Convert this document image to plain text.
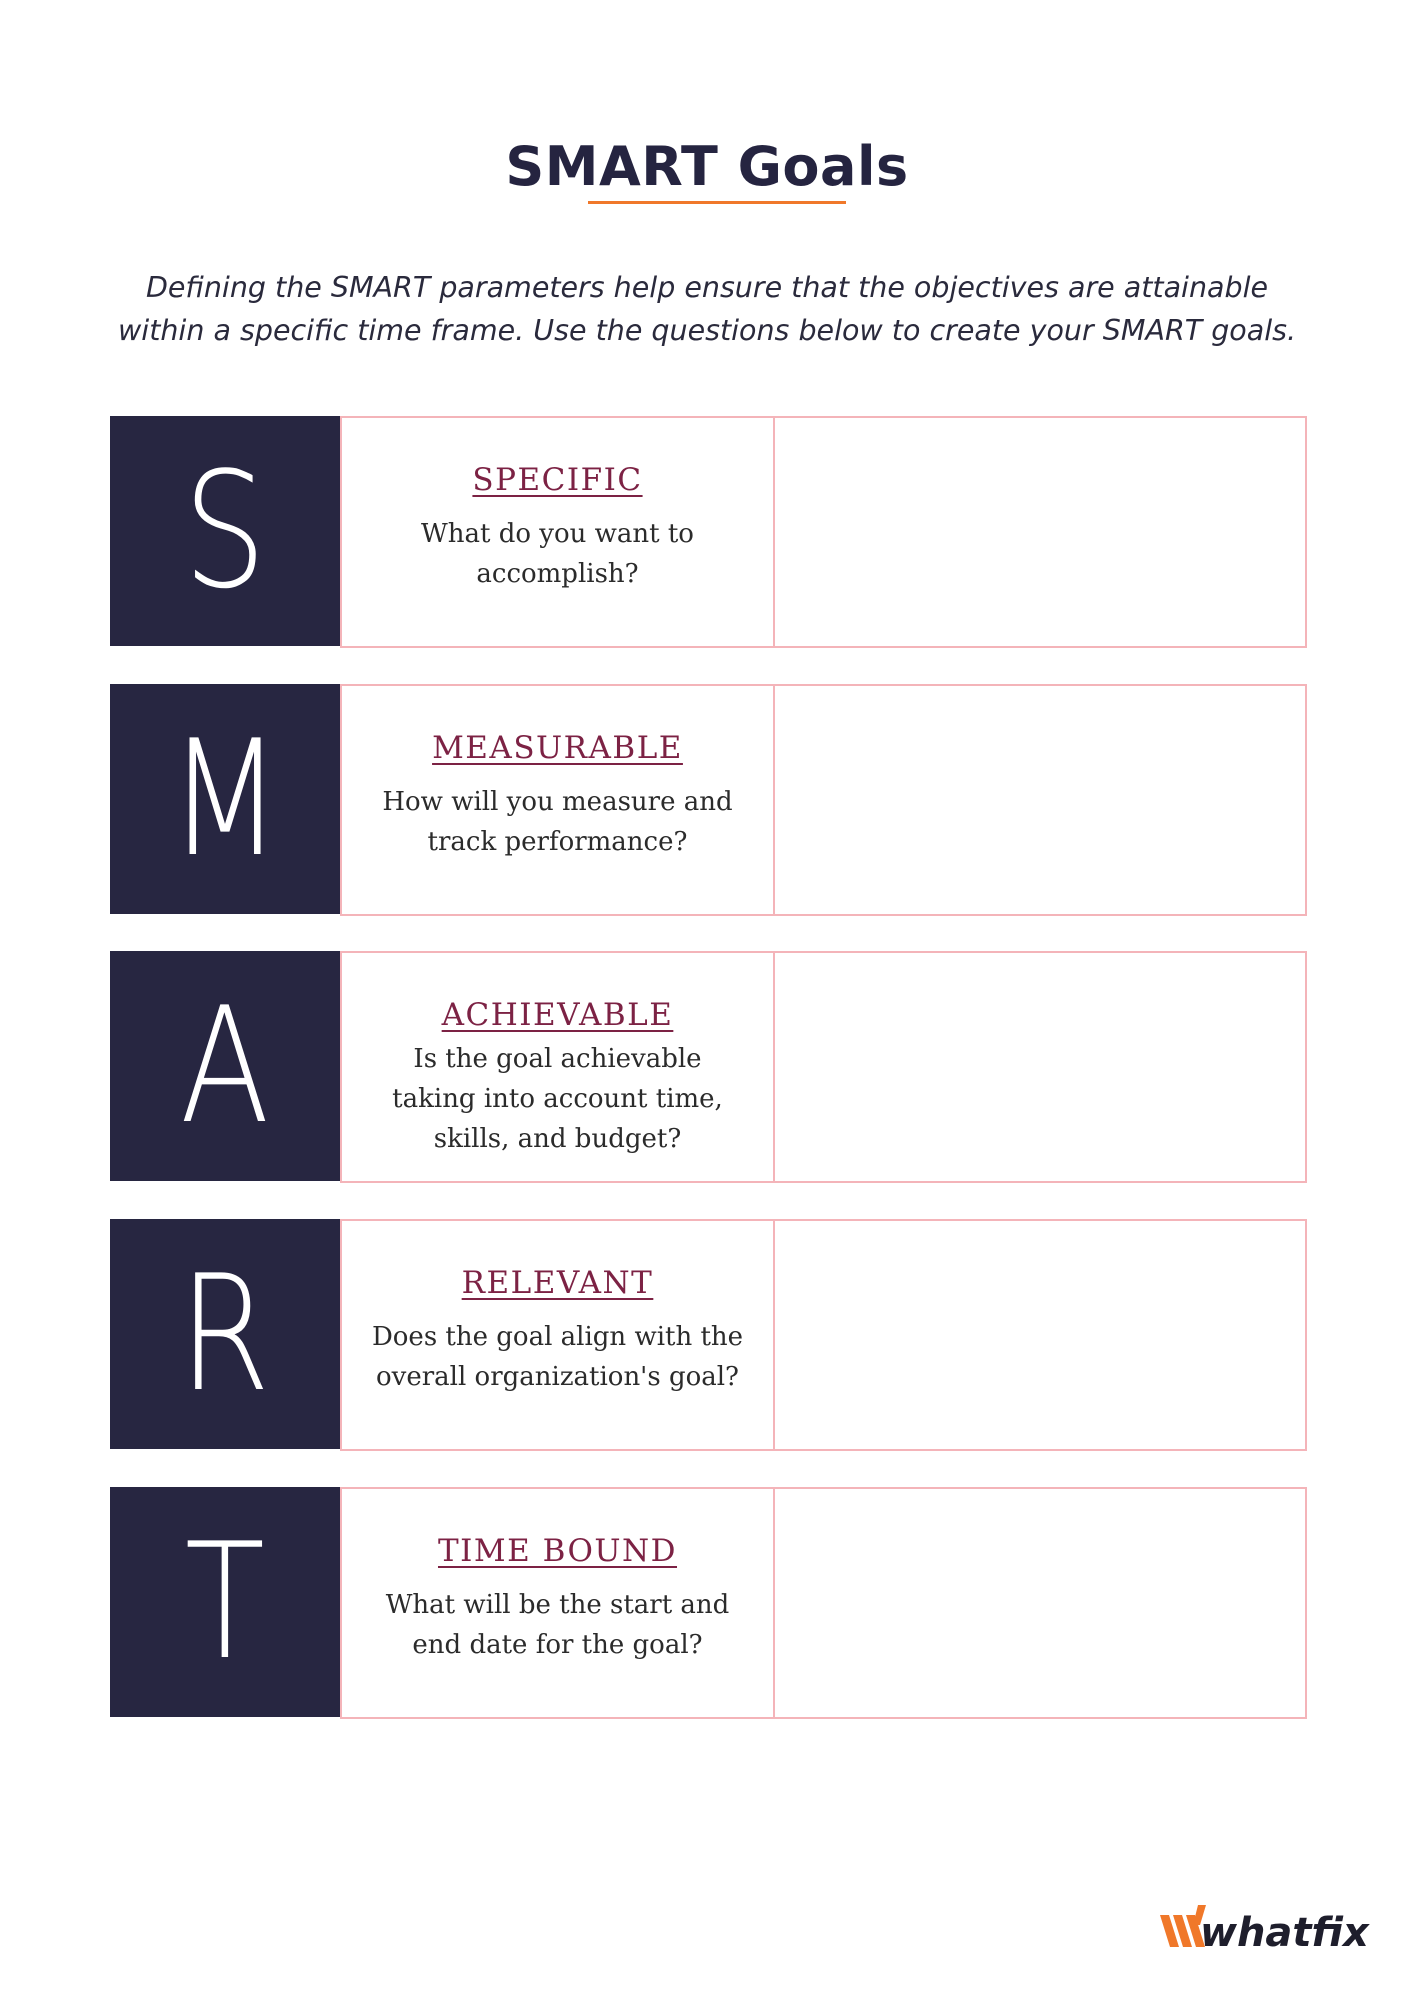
SMART Goals
Defining the SMART parameters help ensure that the objectives are attainable
within a specific time frame. Use the questions below to create your SMART goals.
S	SPECIFIC
What do you want to
accomplish?
M	MEASURABLE
How will you measure and
track performance?
A	ACHIEVABLE
Is the goal achievable
taking into account time,
skills, and budget?
R	RELEVANT
Does the goal align with the
overall organization's goal?
T	TIME BOUND
What will be the start and
end date for the goal?
whatfix
